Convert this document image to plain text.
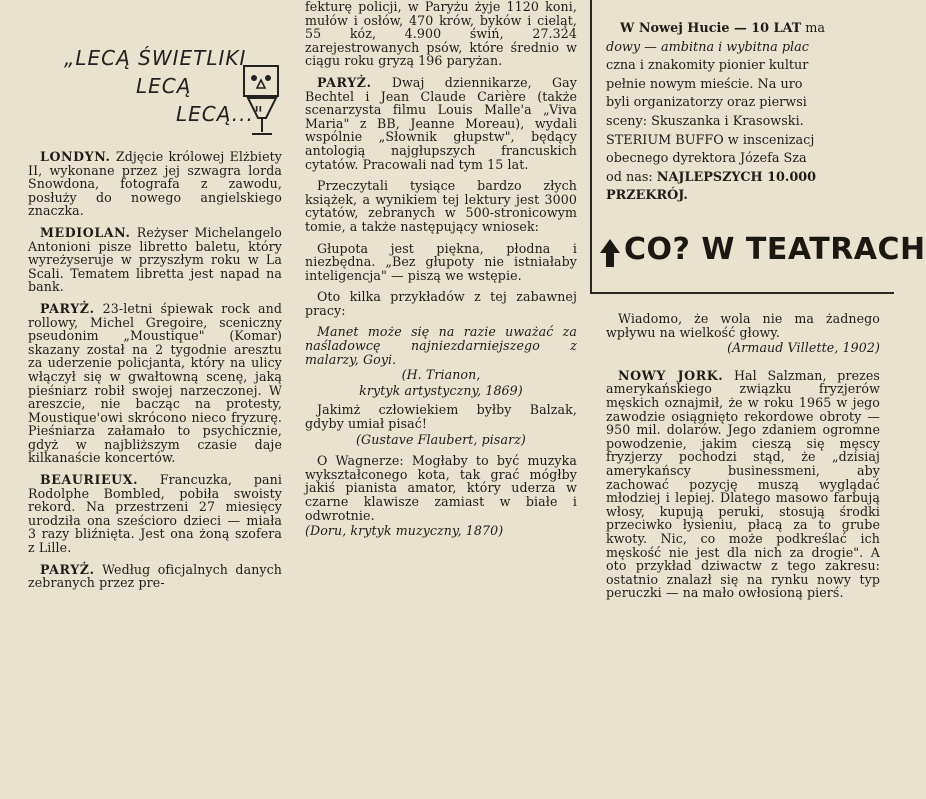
„LECĄ ŚWIETLIKI
LECĄ
LECĄ..."

LONDYN. Zdjęcie królowej Elżbiety II, wykonane przez jej szwagra lorda Snowdona, fotografa z zawodu, posłuży do nowego angielskiego znaczka.

MEDIOLAN. Reżyser Michelangelo Antonioni pisze libretto baletu, który wyreżyseruje w przyszłym roku w La Scali. Tematem libretta jest napad na bank.

PARYŻ. 23-letni śpiewak rock and rollowy, Michel Gregoire, sceniczny pseudonim „Moustique" (Komar) skazany został na 2 tygodnie aresztu za uderzenie policjanta, który na ulicy włączył się w gwałtowną scenę, jaką pieśniarz robił swojej narzeczonej. W areszcie, nie bacząc na protesty, Moustique'owi skrócono nieco fryzurę. Pieśniarza załamało to psychicznie, gdyż w najbliższym czasie daje kilkanaście koncertów.

BEAURIEUX. Francuzka, pani Rodolphe Bombled, pobiła swoisty rekord. Na przestrzeni 27 miesięcy urodziła ona sześcioro dzieci — miała 3 razy bliźnięta. Jest ona żoną szofera z Lille.

PARYŻ. Według oficjalnych danych zebranych przez pre-

fekturę policji, w Paryżu żyje 1120 koni, mułów i osłów, 470 krów, byków i cieląt, 55 kóz, 4.900 świń, 27.324 zarejestrowanych psów, które średnio w ciągu roku gryzą 196 paryżan.

PARYŻ. Dwaj dziennikarze, Gay Bechtel i Jean Claude Carière (także scenarzysta filmu Louis Malle'a „Viva Maria" z BB, Jeanne Moreau), wydali wspólnie „Słownik głupstw", będący antologią najgłupszych francuskich cytatów. Pracowali nad tym 15 lat.

Przeczytali tysiące bardzo złych książek, a wynikiem tej lektury jest 3000 cytatów, zebranych w 500-stronicowym tomie, a także następujący wniosek:

Głupota jest piękna, płodna i niezbędna. „Bez głupoty nie istniałaby inteligencja" — piszą we wstępie.

Oto kilka przykładów z tej zabawnej pracy:

Manet może się na razie uważać za naśladowcę najniezdarniejszego z malarzy, Goyi.

(H. Trianon,

krytyk artystyczny, 1869)

Jakimż człowiekiem byłby Balzak, gdyby umiał pisać!

(Gustave Flaubert, pisarz)

O Wagnerze: Mogłaby to być muzyka wykształconego kota, tak grać mógłby jakiś pianista amator, który uderza w czarne klawisze zamiast w białe i odwrotnie.

(Doru, krytyk muzyczny, 1870)

W Nowej Hucie — 10 LAT ma
dowy — ambitna i wybitna plac
czna i znakomity pionier kultur
pełnie nowym mieście. Na uro
byli organizatorzy oraz pierwsi
sceny: Skuszanka i Krasowski.
STERIUM BUFFO w inscenizacj
obecnego dyrektora Józefa Sza
od nas: NAJLEPSZYCH 10.000
PRZEKRÓJ.
CO? W TEATRACH

Wiadomo, że wola nie ma żadnego wpływu na wielkość głowy.

(Armaud Villette, 1902)

NOWY JORK. Hal Salzman, prezes amerykańskiego związku fryzjerów męskich oznajmił, że w roku 1965 w jego zawodzie osiągnięto rekordowe obroty — 950 mil. dolarów. Jego zdaniem ogromne powodzenie, jakim cieszą się męscy fryzjerzy pochodzi stąd, że „dzisiaj amerykańscy businessmeni, aby zachować pozycję muszą wyglądać młodziej i lepiej. Dlatego masowo farbują włosy, kupują peruki, stosują środki przeciwko łysieniu, płacą za to grube kwoty. Nic, co może podkreślać ich męskość nie jest dla nich za drogie". A oto przykład dziwactw z tego zakresu: ostatnio znalazł się na rynku nowy typ peruczki — na mało owłosioną pierś.
